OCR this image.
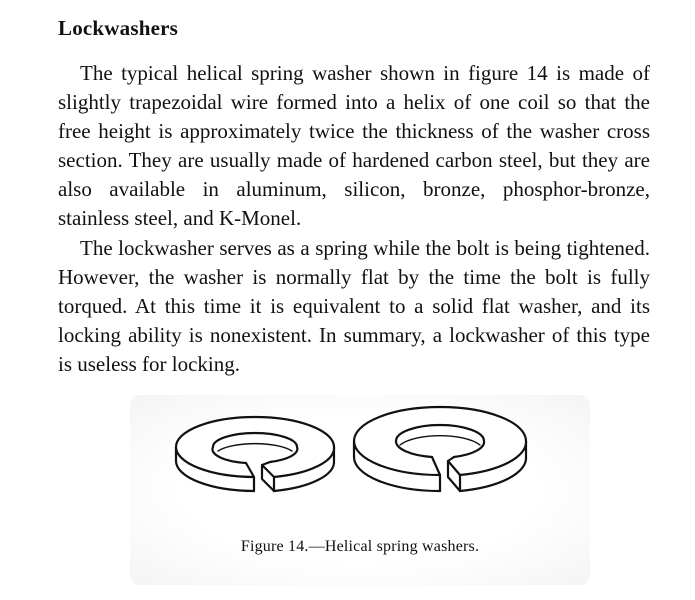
Lockwashers

The typical helical spring washer shown in figure 14 is made of slightly trapezoidal wire formed into a helix of one coil so that the free height is approximately twice the thickness of the washer cross section. They are usually made of hardened carbon steel, but they are also available in aluminum, silicon, bronze, phosphor-bronze, stainless steel, and K-Monel.

The lockwasher serves as a spring while the bolt is being tightened. However, the washer is normally flat by the time the bolt is fully torqued. At this time it is equivalent to a solid flat washer, and its locking ability is nonexistent. In summary, a lockwasher of this type is useless for locking.

Figure 14.—Helical spring washers.
